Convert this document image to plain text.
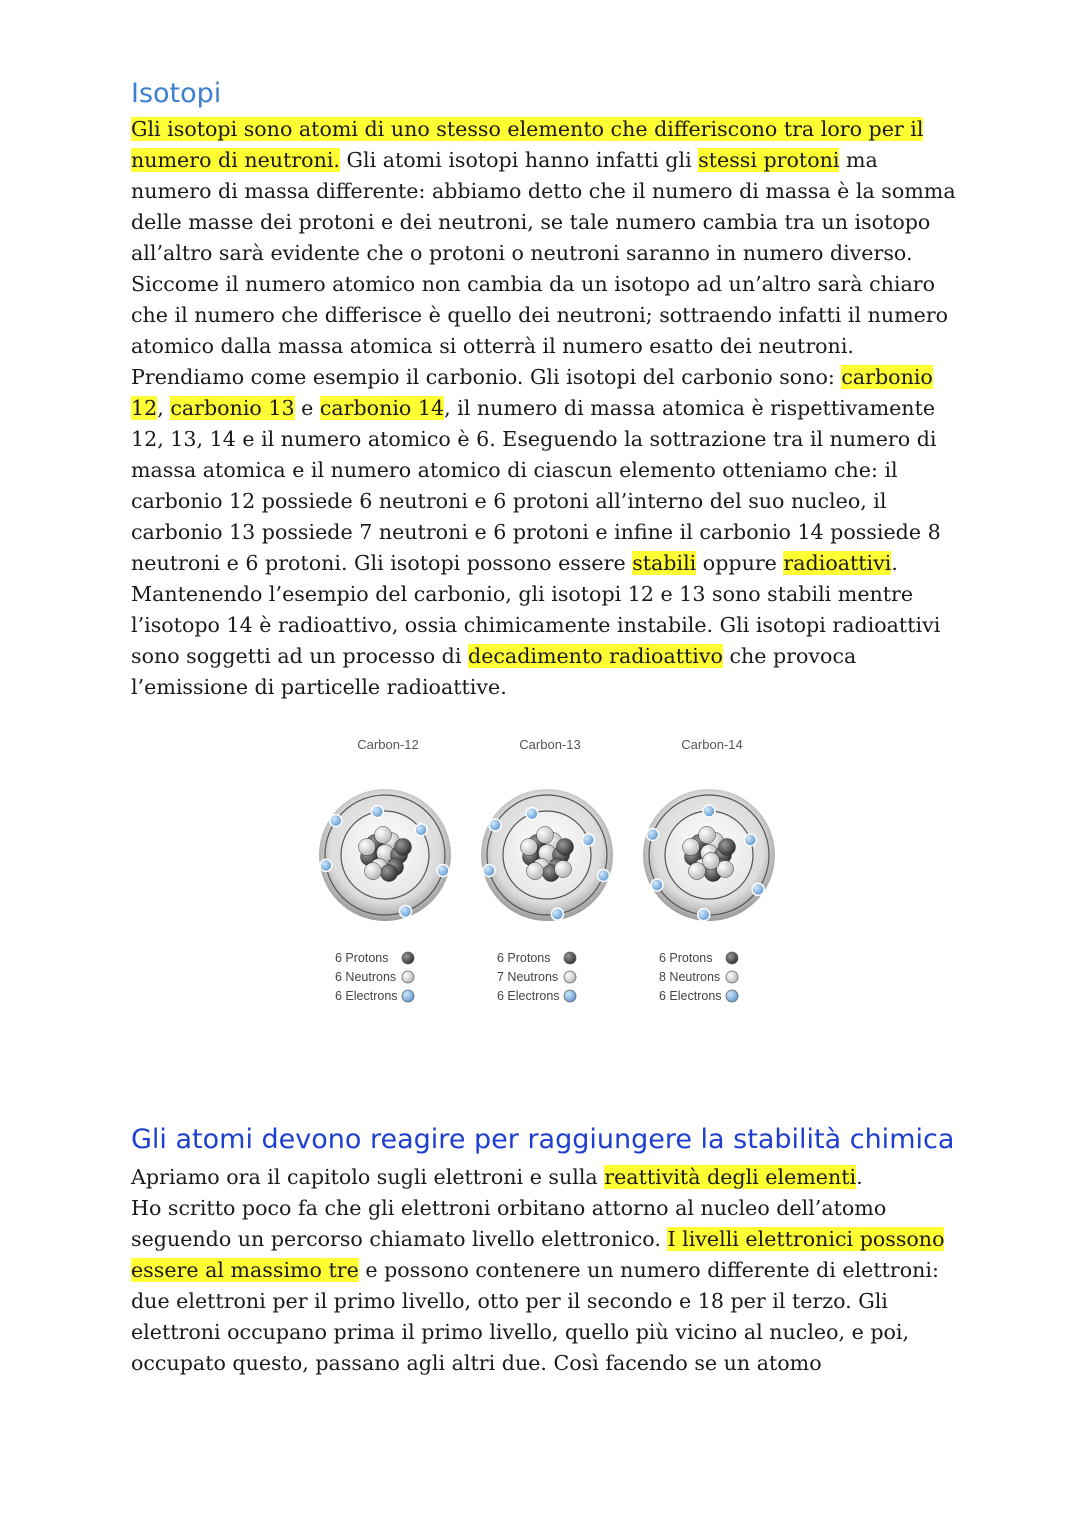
Isotopi
Gli isotopi sono atomi di uno stesso elemento che differiscono tra loro per il numero di neutroni. Gli atomi isotopi hanno infatti gli stessi protoni ma numero di massa differente: abbiamo detto che il numero di massa è la somma delle masse dei protoni e dei neutroni, se tale numero cambia tra un isotopo all’altro sarà evidente che o protoni o neutroni saranno in numero diverso. Siccome il numero atomico non cambia da un isotopo ad un’altro sarà chiaro che il numero che differisce è quello dei neutroni; sottraendo infatti il numero atomico dalla massa atomica si otterrà il numero esatto dei neutroni.
Prendiamo come esempio il carbonio. Gli isotopi del carbonio sono: carbonio 12, carbonio 13 e carbonio 14, il numero di massa atomica è rispettivamente 12, 13, 14 e il numero atomico è 6. Eseguendo la sottrazione tra il numero di massa atomica e il numero atomico di ciascun elemento otteniamo che: il carbonio 12 possiede 6 neutroni e 6 protoni all’interno del suo nucleo, il carbonio 13 possiede 7 neutroni e 6 protoni e infine il carbonio 14 possiede 8 neutroni e 6 protoni. Gli isotopi possono essere stabili oppure radioattivi. Mantenendo l’esempio del carbonio, gli isotopi 12 e 13 sono stabili mentre l’isotopo 14 è radioattivo, ossia chimicamente instabile. Gli isotopi radioattivi sono soggetti ad un processo di decadimento radioattivo che provoca l’emissione di particelle radioattive.
Carbon-12
6 Protons
6 Neutrons
6 Electrons
Carbon-13
6 Protons
7 Neutrons
6 Electrons
Carbon-14
6 Protons
8 Neutrons
6 Electrons
Gli atomi devono reagire per raggiungere la stabilità chimica
Apriamo ora il capitolo sugli elettroni e sulla reattività degli elementi.
Ho scritto poco fa che gli elettroni orbitano attorno al nucleo dell’atomo seguendo un percorso chiamato livello elettronico. I livelli elettronici possono essere al massimo tre e possono contenere un numero differente di elettroni: due elettroni per il primo livello, otto per il secondo e 18 per il terzo. Gli elettroni occupano prima il primo livello, quello più vicino al nucleo, e poi, occupato questo, passano agli altri due. Così facendo se un atomo
